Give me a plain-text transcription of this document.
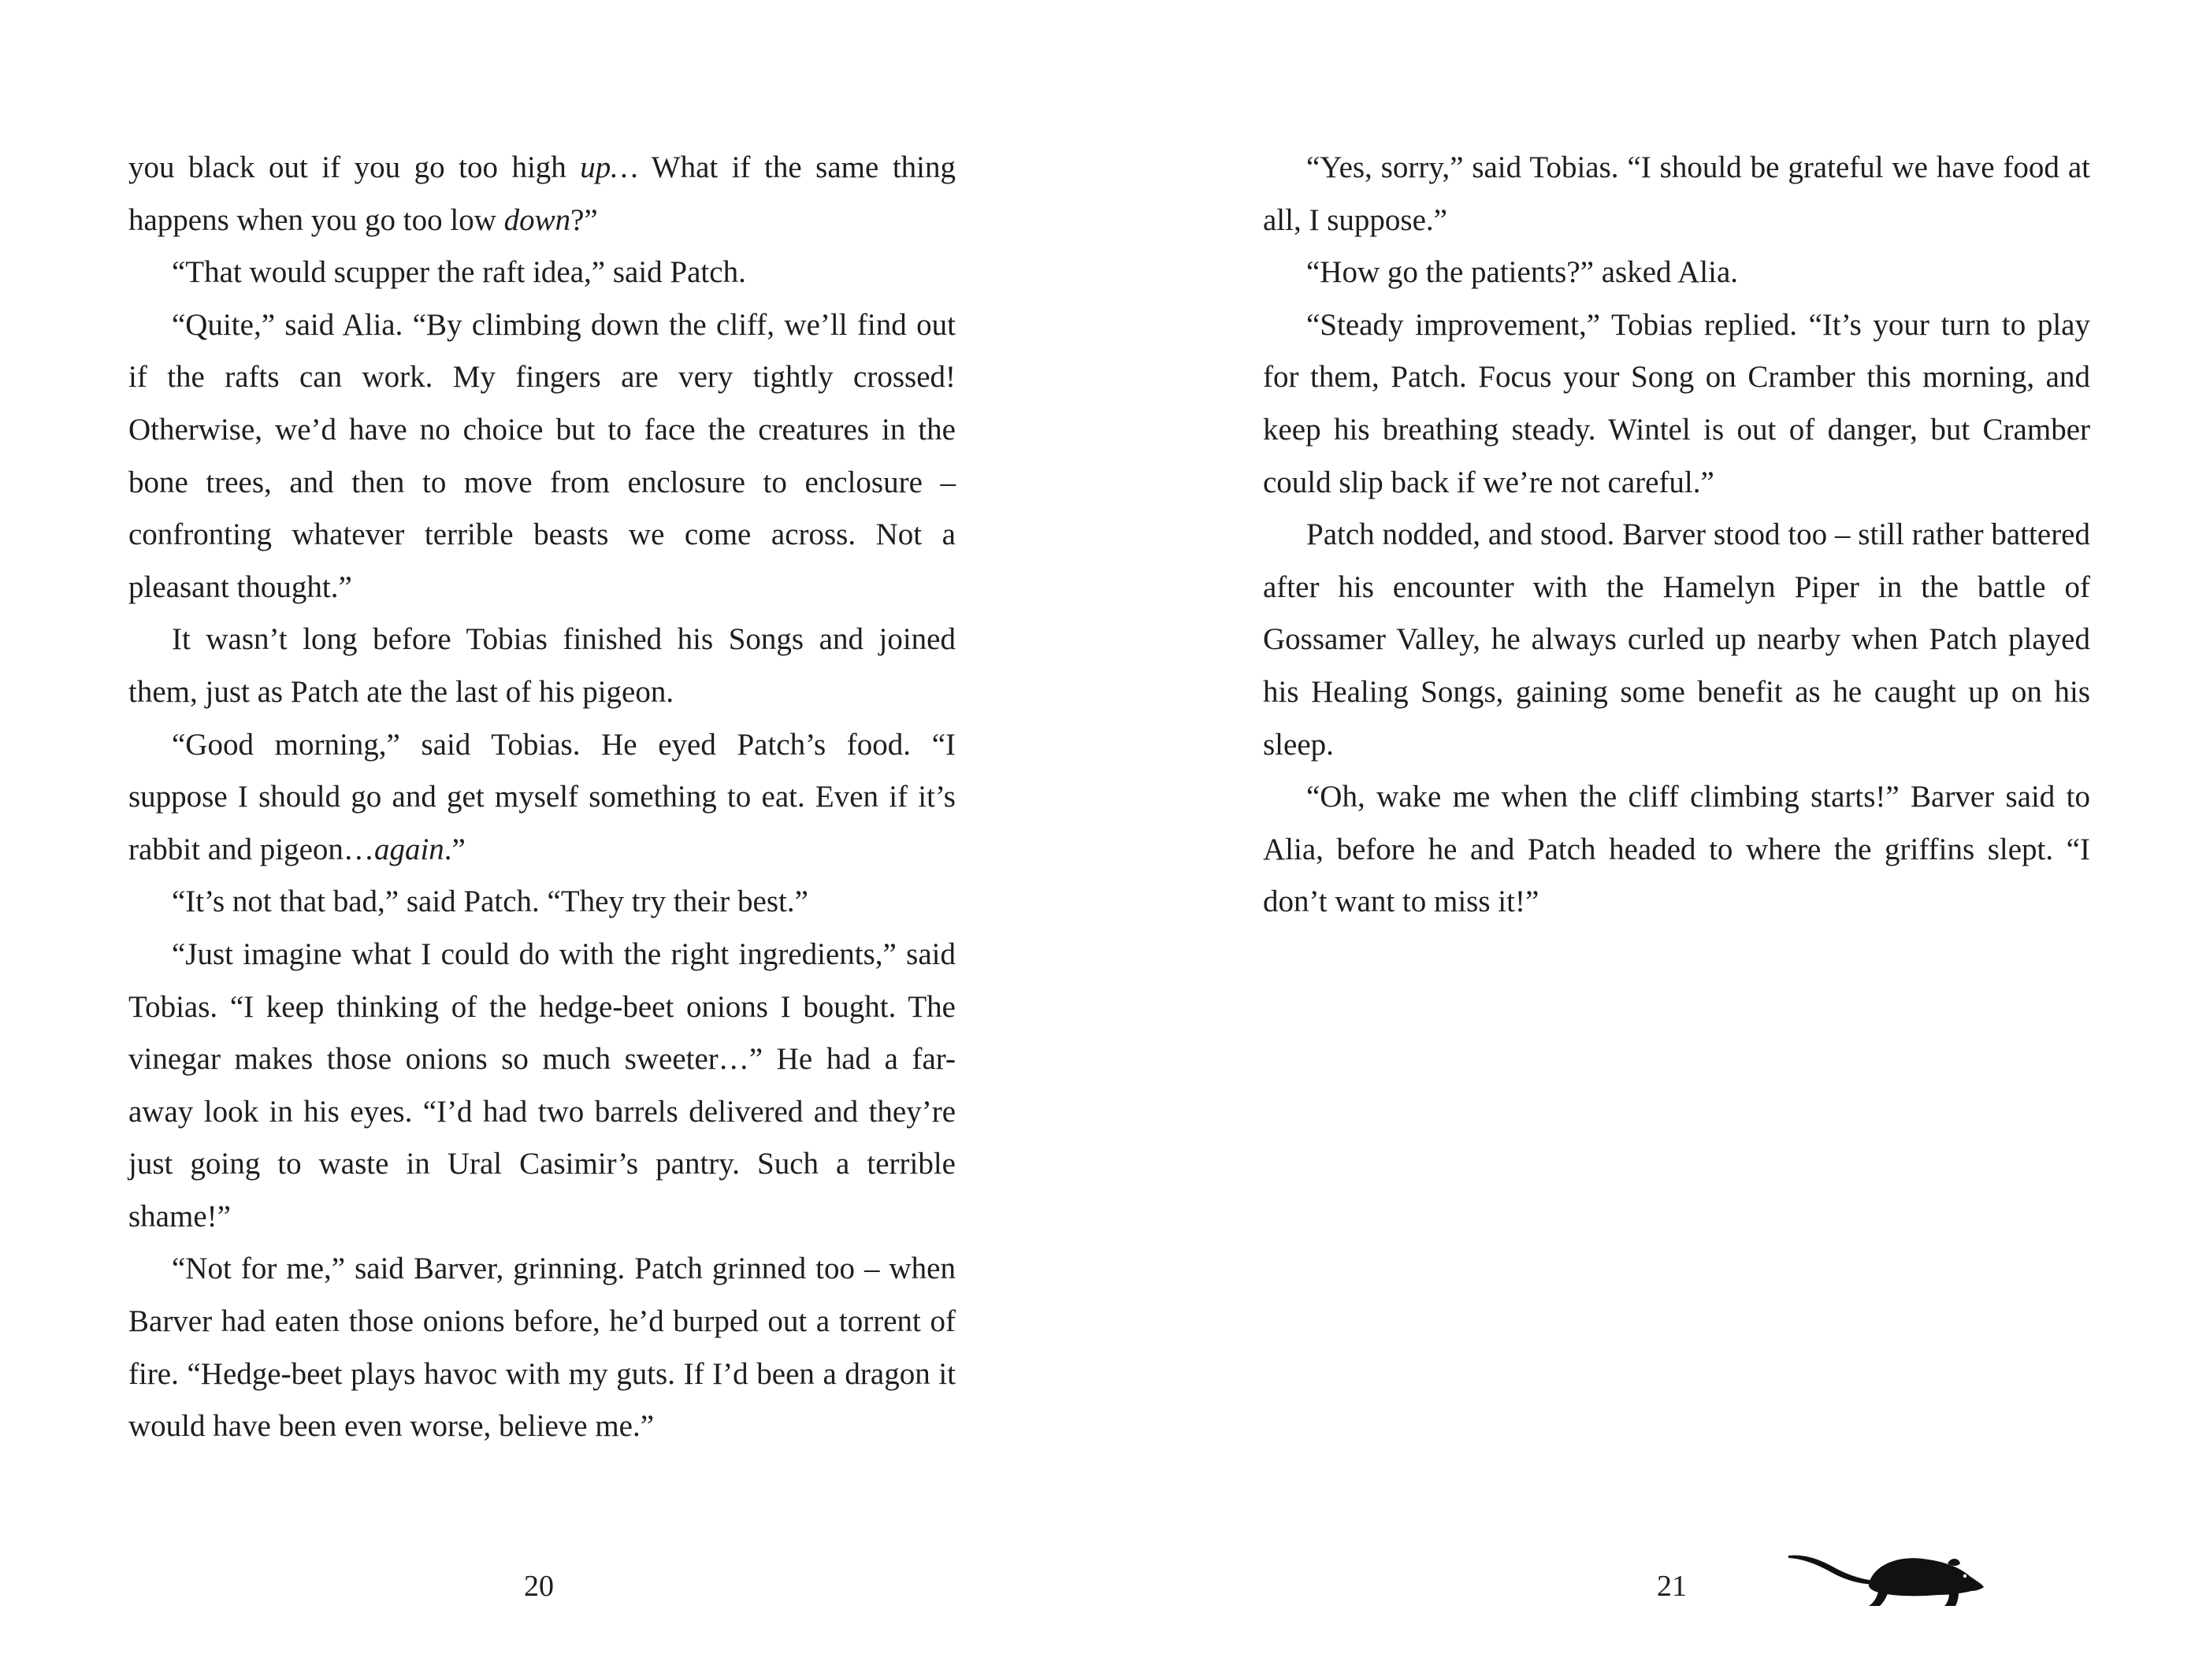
you black out if you go too high up… What if the same thing happens when you go too low down?”

“That would scupper the raft idea,” said Patch.

“Quite,” said Alia. “By climbing down the cliff, we’ll find out if the rafts can work. My fingers are very tightly crossed! Otherwise, we’d have no choice but to face the creatures in the bone trees, and then to move from enclosure to enclosure – confronting whatever terrible beasts we come across. Not a pleasant thought.”

It wasn’t long before Tobias finished his Songs and joined them, just as Patch ate the last of his pigeon.

“Good morning,” said Tobias. He eyed Patch’s food. “I suppose I should go and get myself something to eat. Even if it’s rabbit and pigeon…again.”

“It’s not that bad,” said Patch. “They try their best.”

“Just imagine what I could do with the right ingredients,” said Tobias. “I keep thinking of the hedge-beet onions I bought. The vinegar makes those onions so much sweeter…” He had a far-away look in his eyes. “I’d had two barrels delivered and they’re just going to waste in Ural Casimir’s pantry. Such a terrible shame!”

“Not for me,” said Barver, grinning. Patch grinned too – when Barver had eaten those onions before, he’d burped out a torrent of fire. “Hedge-beet plays havoc with my guts. If I’d been a dragon it would have been even worse, believe me.”

“Yes, sorry,” said Tobias. “I should be grateful we have food at all, I suppose.”

“How go the patients?” asked Alia.

“Steady improvement,” Tobias replied. “It’s your turn to play for them, Patch. Focus your Song on Cramber this morning, and keep his breathing steady. Wintel is out of danger, but Cramber could slip back if we’re not careful.”

Patch nodded, and stood. Barver stood too – still rather battered after his encounter with the Hamelyn Piper in the battle of Gossamer Valley, he always curled up nearby when Patch played his Healing Songs, gaining some benefit as he caught up on his sleep.

“Oh, wake me when the cliff climbing starts!” Barver said to Alia, before he and Patch headed to where the griffins slept. “I don’t want to miss it!”

20	21
